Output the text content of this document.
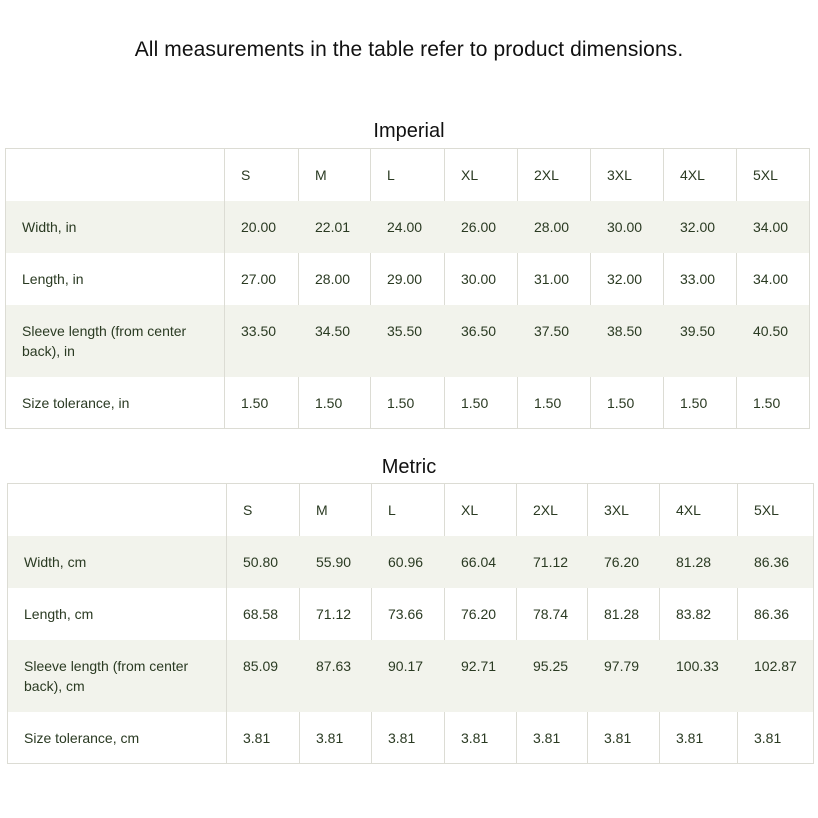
All measurements in the table refer to product dimensions.
Imperial

	S	M	L	XL	2XL	3XL	4XL	5XL

Width, in	20.00	22.01	24.00	26.00	28.00	30.00	32.00	34.00

Length, in	27.00	28.00	29.00	30.00	31.00	32.00	33.00	34.00

Sleeve length (from center back), in	33.50	34.50	35.50	36.50	37.50	38.50	39.50	40.50

Size tolerance, in	1.50	1.50	1.50	1.50	1.50	1.50	1.50	1.50
Metric

	S	M	L	XL	2XL	3XL	4XL	5XL

Width, cm	50.80	55.90	60.96	66.04	71.12	76.20	81.28	86.36

Length, cm	68.58	71.12	73.66	76.20	78.74	81.28	83.82	86.36

Sleeve length (from center back), cm	85.09	87.63	90.17	92.71	95.25	97.79	100.33	102.87

Size tolerance, cm	3.81	3.81	3.81	3.81	3.81	3.81	3.81	3.81
